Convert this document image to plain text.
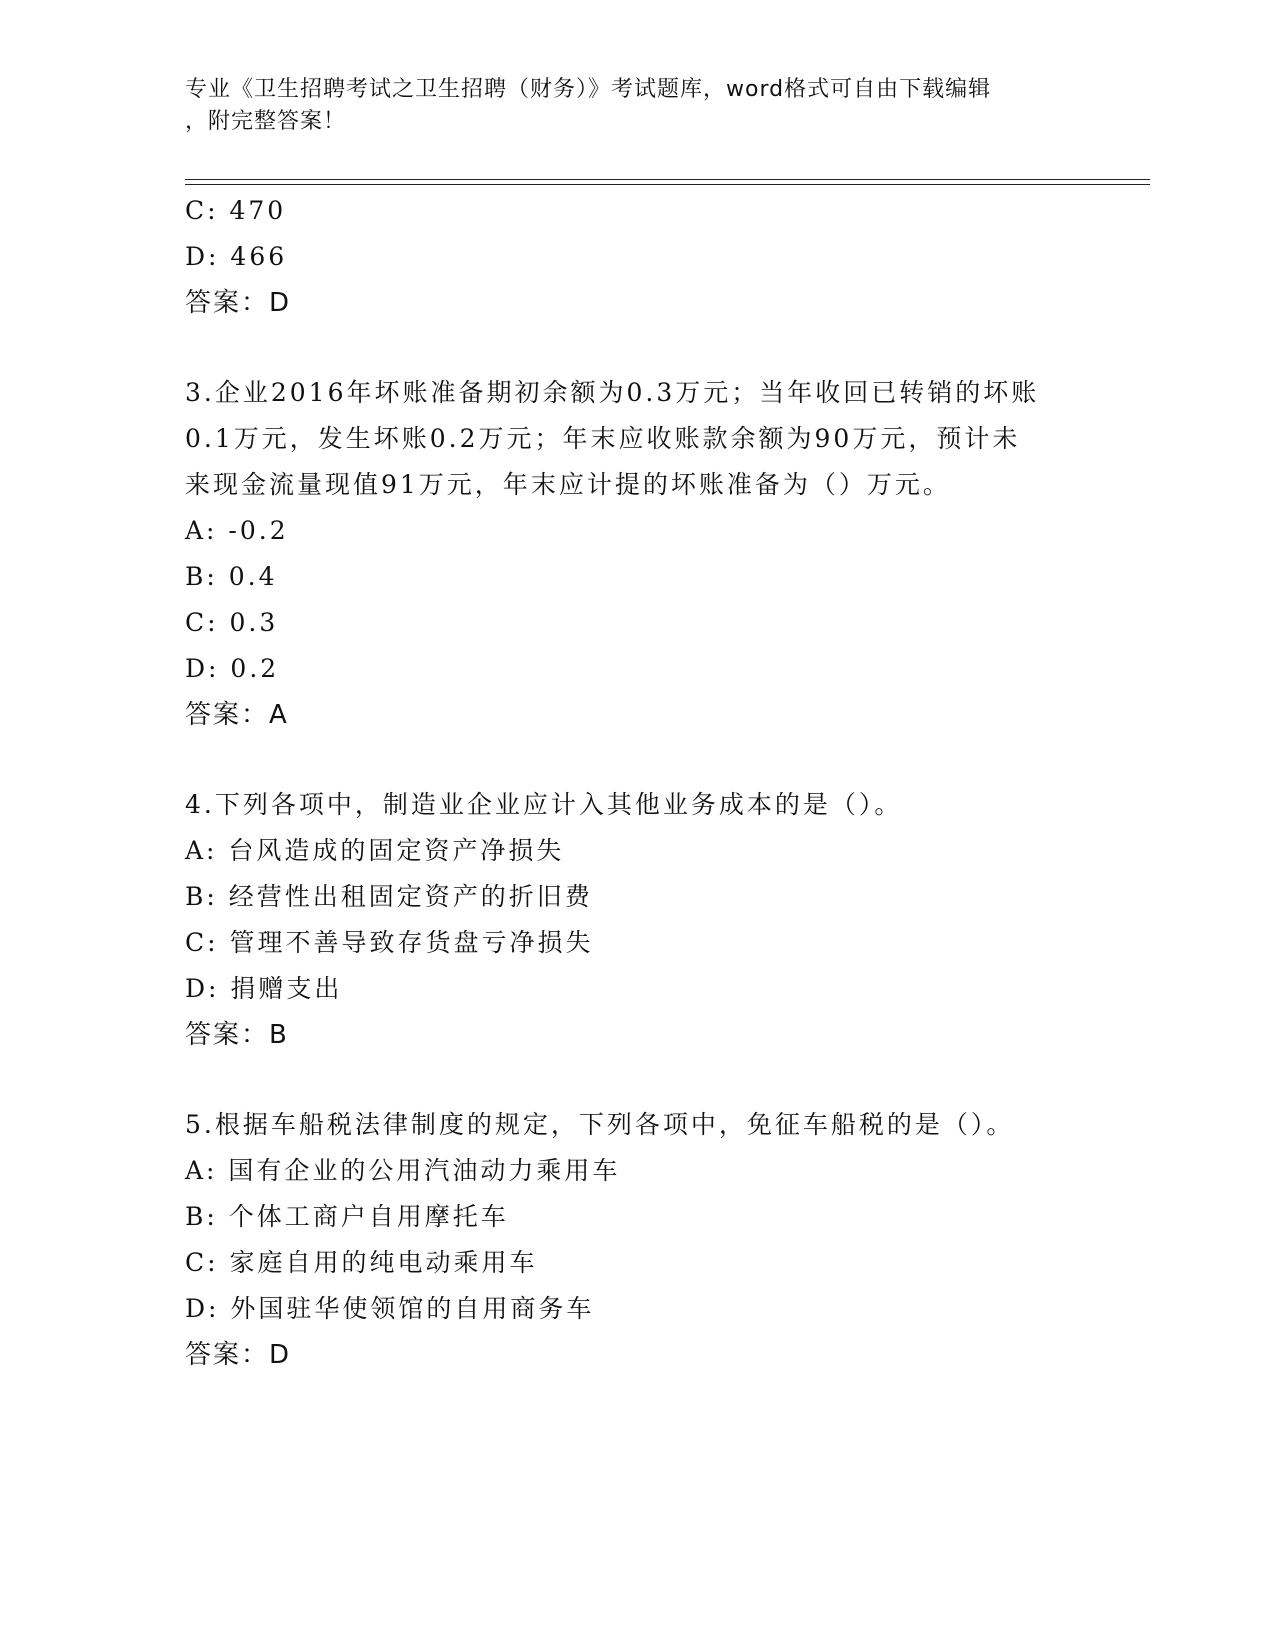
专业《卫生招聘考试之卫生招聘（财务）》考试题库，word格式可自由下载编辑
，附完整答案！
C: 470
D: 466
答案：D
3.企业2016年坏账准备期初余额为0.3万元；当年收回已转销的坏账
0.1万元，发生坏账0.2万元；年末应收账款余额为90万元，预计未
来现金流量现值91万元，年末应计提的坏账准备为（）万元。
A: -0.2
B: 0.4
C: 0.3
D: 0.2
答案：A
4.下列各项中，制造业企业应计入其他业务成本的是（）。
A: 台风造成的固定资产净损失
B: 经营性出租固定资产的折旧费
C: 管理不善导致存货盘亏净损失
D: 捐赠支出
答案：B
5.根据车船税法律制度的规定，下列各项中，免征车船税的是（）。
A: 国有企业的公用汽油动力乘用车
B: 个体工商户自用摩托车
C: 家庭自用的纯电动乘用车
D: 外国驻华使领馆的自用商务车
答案：D
